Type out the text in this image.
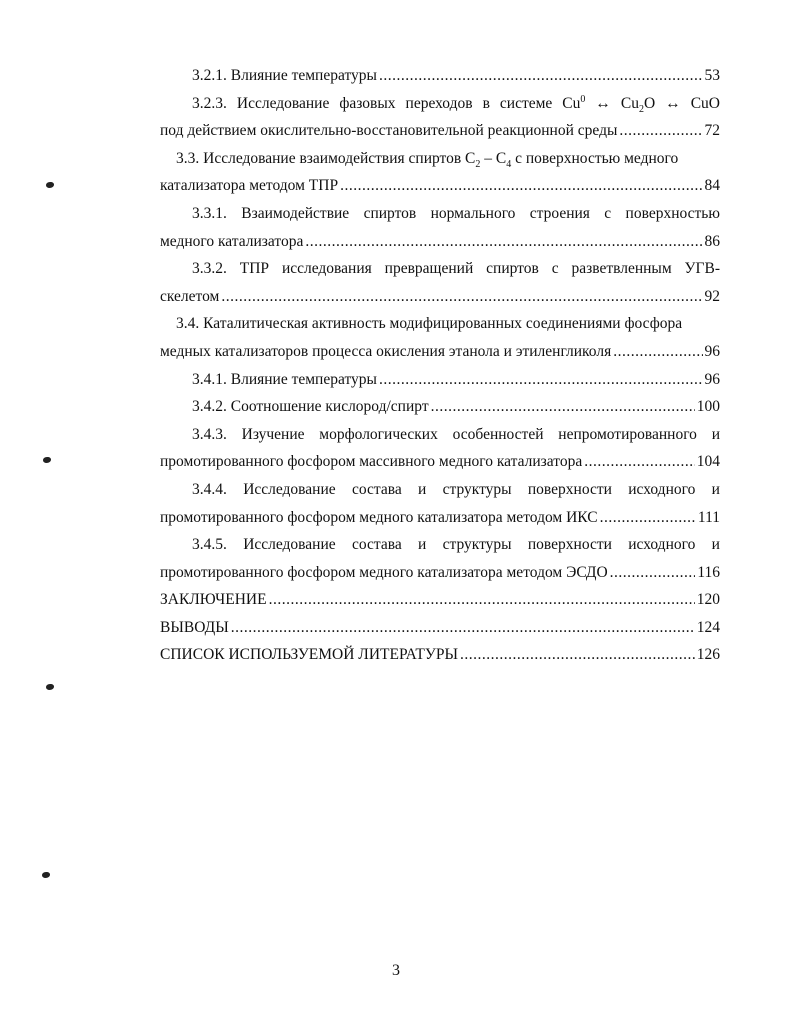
3.2.1. Влияние температуры .....	53
3.2.3. Исследование фазовых переходов в системе Cu$^0$ ↔ $Cu_2O$ ↔ CuO
под действием окислительно-восстановительной реакционной среды .....	72
3.3. Исследование взаимодействия спиртов $C_2 - C_4$ с поверхностью медного
катализатора методом ТПР .....	84
3.3.1. Взаимодействие спиртов нормального строения с поверхностью
медного катализатора .....	86
3.3.2. ТПР исследования превращений спиртов с разветвленным УГВ-
скелетом .....	92
3.4. Каталитическая активность модифицированных соединениями фосфора
медных катализаторов процесса окисления этанола и этиленгликоля .....	96
3.4.1. Влияние температуры .....	96
3.4.2. Соотношение кислород/спирт .....	100
3.4.3. Изучение морфологических особенностей непромотированного и
промотированного фосфором массивного медного катализатора .....	104
3.4.4. Исследование состава и структуры поверхности исходного и
промотированного фосфором медного катализатора методом ИКС .....	111
3.4.5. Исследование состава и структуры поверхности исходного и
промотированного фосфором медного катализатора методом ЭСДО .....	116
ЗАКЛЮЧЕНИЕ .....	120
ВЫВОДЫ .....	124
СПИСОК ИСПОЛЬЗУЕМОЙ ЛИТЕРАТУРЫ .....	126
3
